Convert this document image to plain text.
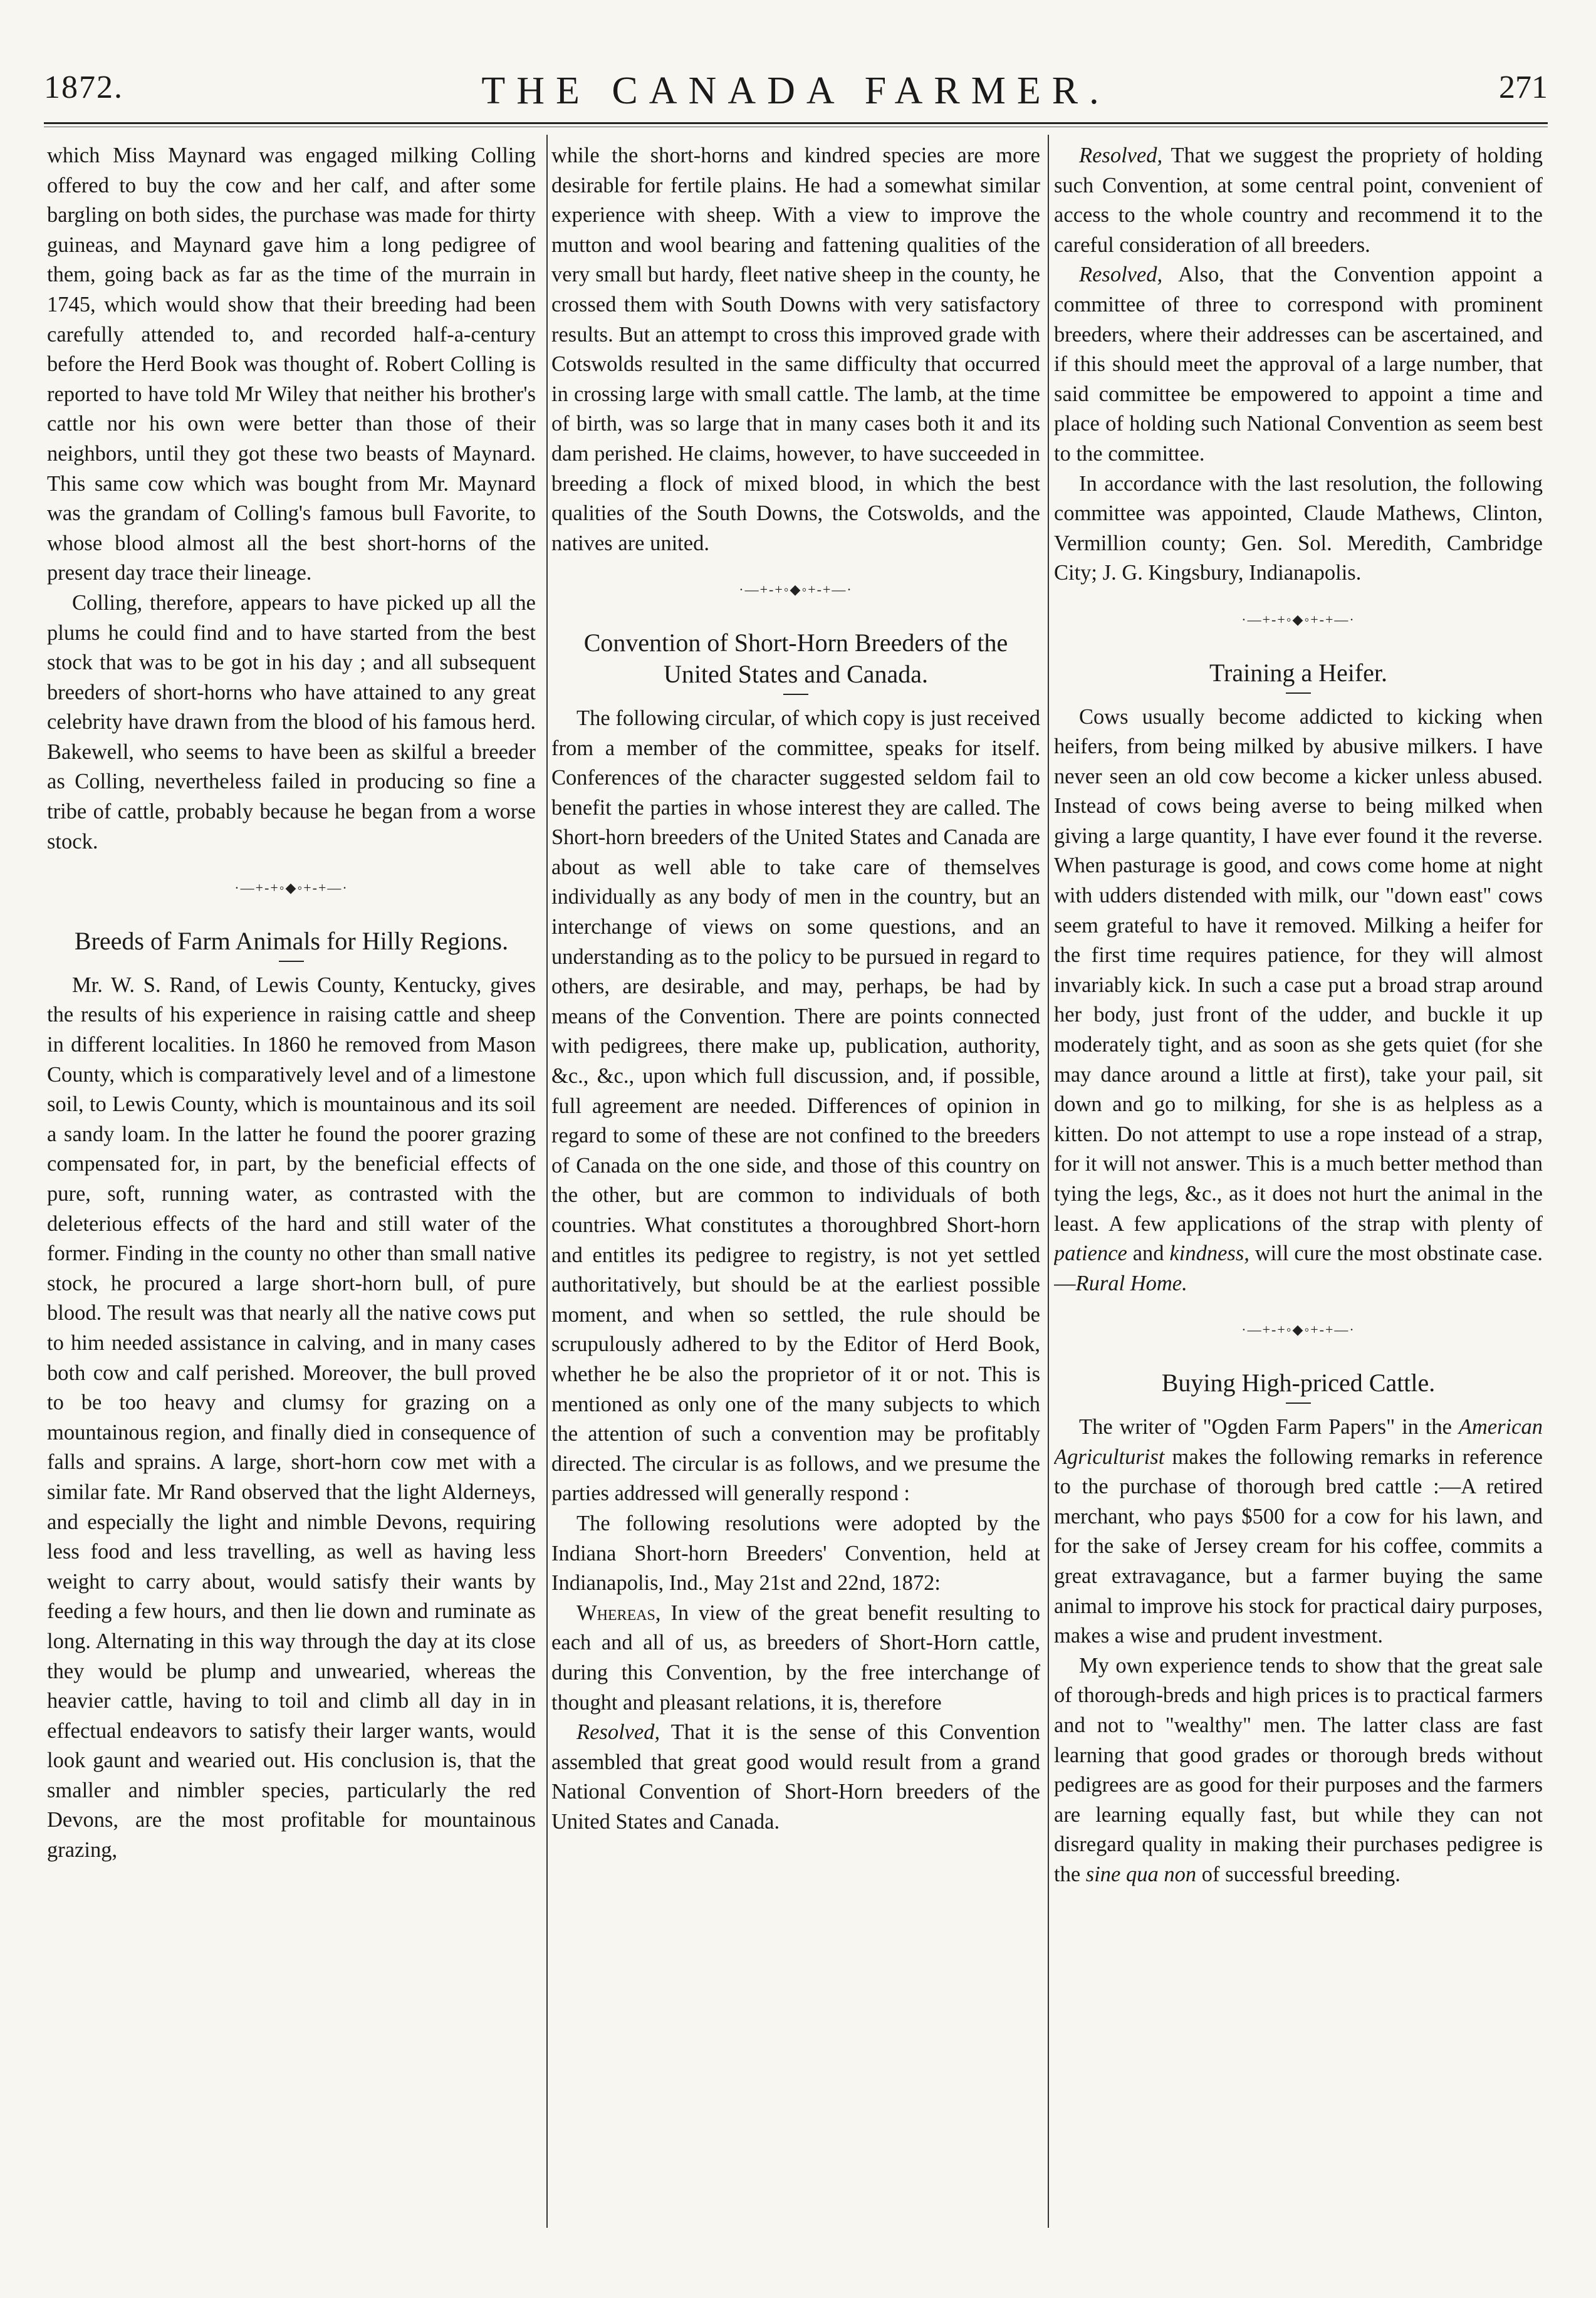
1872.	THE CANADA FARMER.	271

which Miss Maynard was engaged milking Colling offered to buy the cow and her calf, and after some bargling on both sides, the purchase was made for thirty guineas, and Maynard gave him a long pedigree of them, going back as far as the time of the murrain in 1745, which would show that their breeding had been carefully attended to, and recorded half-a-century before the Herd Book was thought of. Robert Colling is reported to have told Mr Wiley that neither his brother's cattle nor his own were better than those of their neighbors, until they got these two beasts of Maynard. This same cow which was bought from Mr. Maynard was the grandam of Colling's famous bull Favorite, to whose blood almost all the best short-horns of the present day trace their lineage.

Colling, therefore, appears to have picked up all the plums he could find and to have started from the best stock that was to be got in his day ; and all subsequent breeders of short-horns who have attained to any great celebrity have drawn from the blood of his famous herd. Bakewell, who seems to have been as skilful a breeder as Colling, nevertheless failed in producing so fine a tribe of cattle, probably because he began from a worse stock.

·—+-+◦◆◦+-+—·
Breeds of Farm Animals for Hilly Regions.

Mr. W. S. Rand, of Lewis County, Kentucky, gives the results of his experience in raising cattle and sheep in different localities. In 1860 he removed from Mason County, which is comparatively level and of a limestone soil, to Lewis County, which is mountainous and its soil a sandy loam. In the latter he found the poorer grazing compensated for, in part, by the beneficial effects of pure, soft, running water, as contrasted with the deleterious effects of the hard and still water of the former. Finding in the county no other than small native stock, he procured a large short-horn bull, of pure blood. The result was that nearly all the native cows put to him needed assistance in calving, and in many cases both cow and calf perished. Moreover, the bull proved to be too heavy and clumsy for grazing on a mountainous region, and finally died in consequence of falls and sprains. A large, short-horn cow met with a similar fate. Mr Rand observed that the light Alderneys, and especially the light and nimble Devons, requiring less food and less travelling, as well as having less weight to carry about, would satisfy their wants by feeding a few hours, and then lie down and ruminate as long. Alternating in this way through the day at its close they would be plump and unwearied, whereas the heavier cattle, having to toil and climb all day in in effectual endeavors to satisfy their larger wants, would look gaunt and wearied out. His conclusion is, that the smaller and nimbler species, particularly the red Devons, are the most profitable for mountainous grazing,

while the short-horns and kindred species are more desirable for fertile plains. He had a somewhat similar experience with sheep. With a view to improve the mutton and wool bearing and fattening qualities of the very small but hardy, fleet native sheep in the county, he crossed them with South Downs with very satisfactory results. But an attempt to cross this improved grade with Cotswolds resulted in the same difficulty that occurred in crossing large with small cattle. The lamb, at the time of birth, was so large that in many cases both it and its dam perished. He claims, however, to have succeeded in breeding a flock of mixed blood, in which the best qualities of the South Downs, the Cotswolds, and the natives are united.

·—+-+◦◆◦+-+—·
Convention of Short-Horn Breeders of the United States and Canada.

The following circular, of which copy is just received from a member of the committee, speaks for itself. Conferences of the character suggested seldom fail to benefit the parties in whose interest they are called. The Short-horn breeders of the United States and Canada are about as well able to take care of themselves individually as any body of men in the country, but an interchange of views on some questions, and an understanding as to the policy to be pursued in regard to others, are desirable, and may, perhaps, be had by means of the Convention. There are points connected with pedigrees, there make up, publication, authority, &c., &c., upon which full discussion, and, if possible, full agreement are needed. Differences of opinion in regard to some of these are not confined to the breeders of Canada on the one side, and those of this country on the other, but are common to individuals of both countries. What constitutes a thoroughbred Short-horn and entitles its pedigree to registry, is not yet settled authoritatively, but should be at the earliest possible moment, and when so settled, the rule should be scrupulously adhered to by the Editor of Herd Book, whether he be also the proprietor of it or not. This is mentioned as only one of the many subjects to which the attention of such a convention may be profitably directed. The circular is as follows, and we presume the parties addressed will generally respond :

The following resolutions were adopted by the Indiana Short-horn Breeders' Convention, held at Indianapolis, Ind., May 21st and 22nd, 1872:

Whereas, In view of the great benefit resulting to each and all of us, as breeders of Short-Horn cattle, during this Convention, by the free interchange of thought and pleasant relations, it is, therefore

Resolved, That it is the sense of this Convention assembled that great good would result from a grand National Convention of Short-Horn breeders of the United States and Canada.

Resolved, That we suggest the propriety of holding such Convention, at some central point, convenient of access to the whole country and recommend it to the careful consideration of all breeders.

Resolved, Also, that the Convention appoint a committee of three to correspond with prominent breeders, where their addresses can be ascertained, and if this should meet the approval of a large number, that said committee be empowered to appoint a time and place of holding such National Convention as seem best to the committee.

In accordance with the last resolution, the following committee was appointed, Claude Mathews, Clinton, Vermillion county; Gen. Sol. Meredith, Cambridge City; J. G. Kingsbury, Indianapolis.

·—+-+◦◆◦+-+—·
Training a Heifer.

Cows usually become addicted to kicking when heifers, from being milked by abusive milkers. I have never seen an old cow become a kicker unless abused. Instead of cows being averse to being milked when giving a large quantity, I have ever found it the reverse. When pasturage is good, and cows come home at night with udders distended with milk, our "down east" cows seem grateful to have it removed. Milking a heifer for the first time requires patience, for they will almost invariably kick. In such a case put a broad strap around her body, just front of the udder, and buckle it up moderately tight, and as soon as she gets quiet (for she may dance around a little at first), take your pail, sit down and go to milking, for she is as helpless as a kitten. Do not attempt to use a rope instead of a strap, for it will not answer. This is a much better method than tying the legs, &c., as it does not hurt the animal in the least. A few applications of the strap with plenty of patience and kindness, will cure the most obstinate case.—Rural Home.

·—+-+◦◆◦+-+—·
Buying High-priced Cattle.

The writer of "Ogden Farm Papers" in the American Agriculturist makes the following remarks in reference to the purchase of thorough bred cattle :—A retired merchant, who pays $500 for a cow for his lawn, and for the sake of Jersey cream for his coffee, commits a great extravagance, but a farmer buying the same animal to improve his stock for practical dairy purposes, makes a wise and prudent investment.

My own experience tends to show that the great sale of thorough-breds and high prices is to practical farmers and not to "wealthy" men. The latter class are fast learning that good grades or thorough breds without pedigrees are as good for their purposes and the farmers are learning equally fast, but while they can not disregard quality in making their purchases pedigree is the sine qua non of successful breeding.
